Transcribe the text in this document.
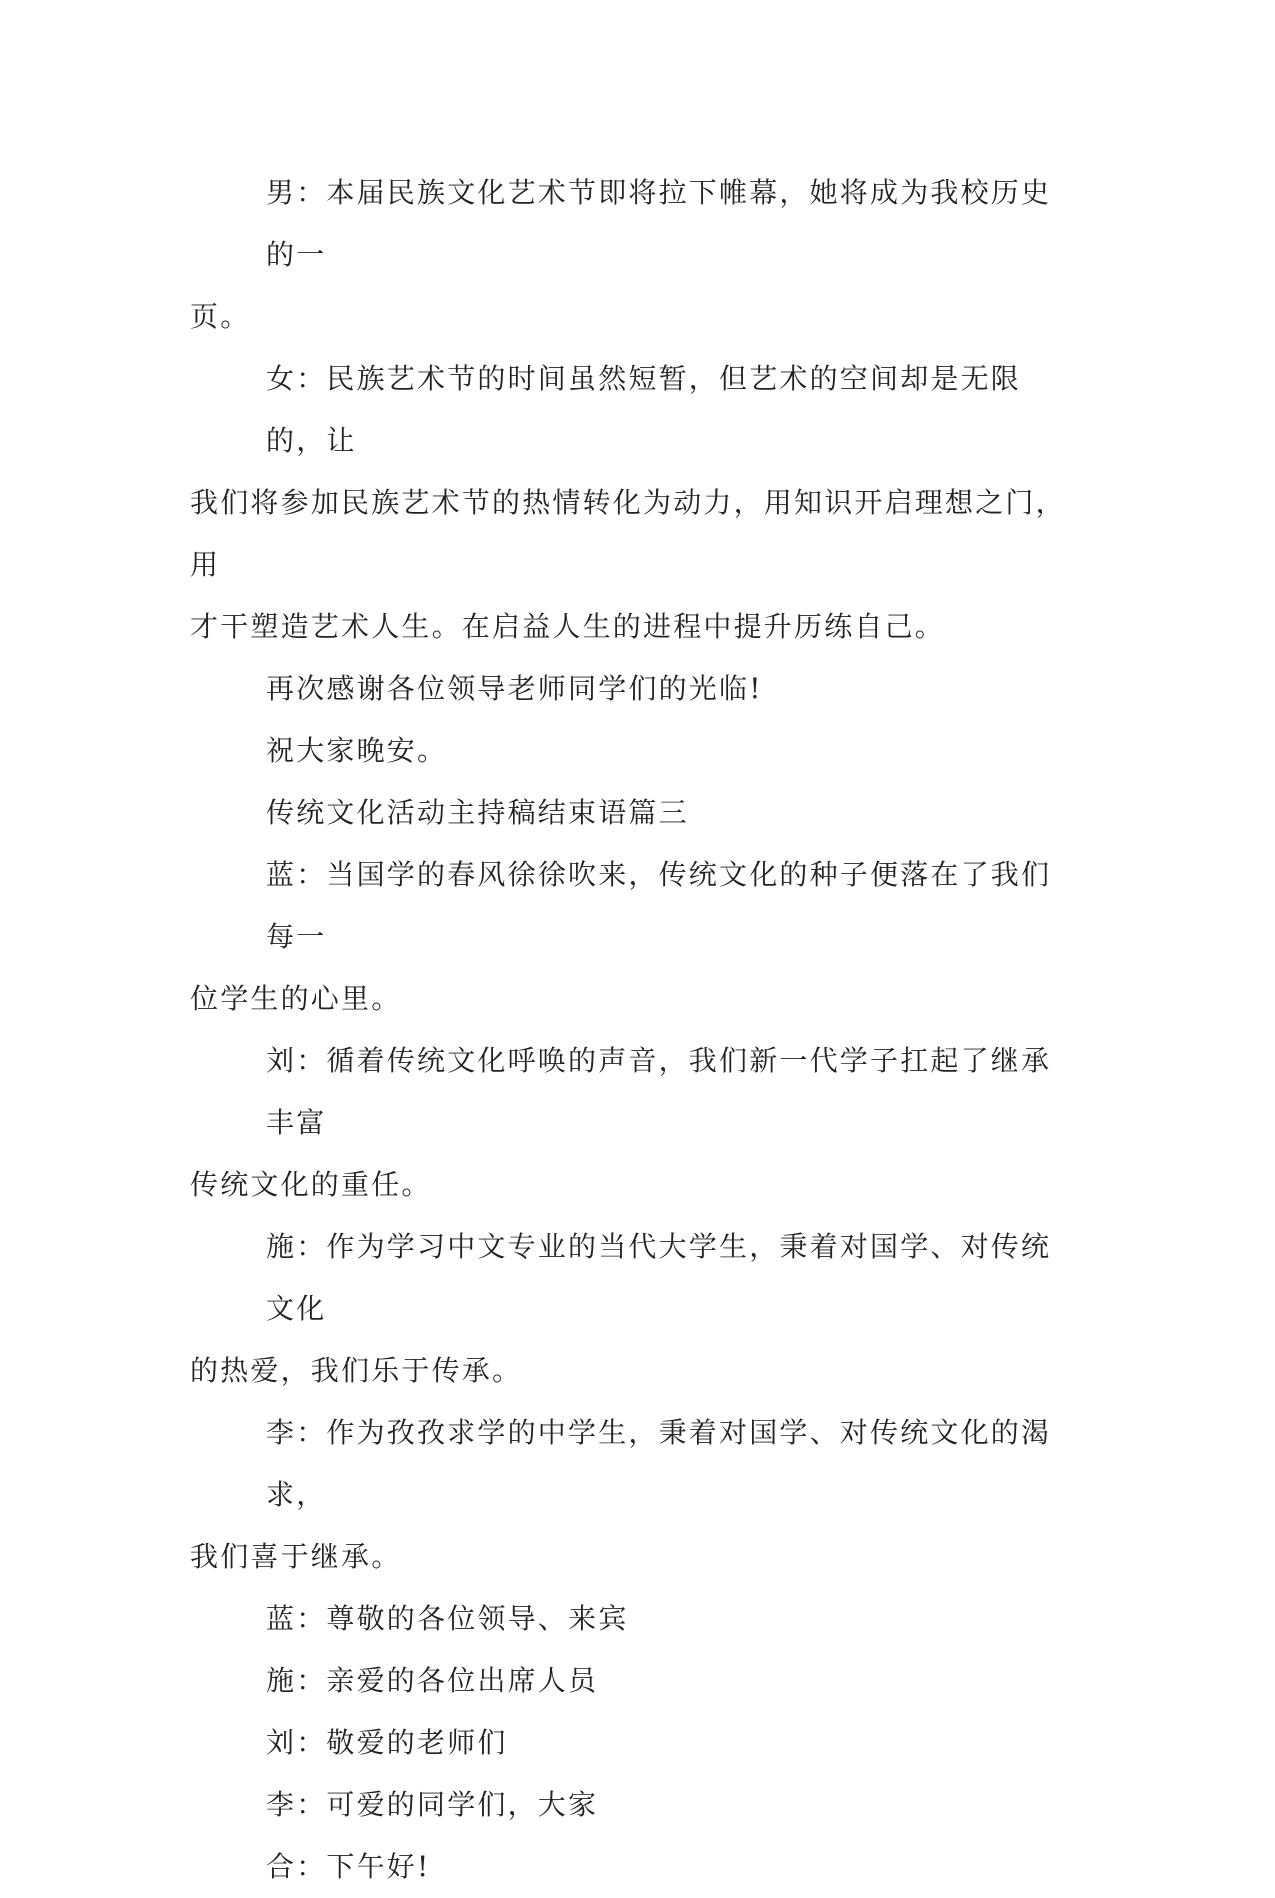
男：本届民族文化艺术节即将拉下帷幕，她将成为我校历史的一
页。

女：民族艺术节的时间虽然短暂，但艺术的空间却是无限的，让
我们将参加民族艺术节的热情转化为动力，用知识开启理想之门，用
才干塑造艺术人生。在启益人生的进程中提升历练自己。

再次感谢各位领导老师同学们的光临!

祝大家晚安。

传统文化活动主持稿结束语篇三

蓝：当国学的春风徐徐吹来，传统文化的种子便落在了我们每一
位学生的心里。

刘：循着传统文化呼唤的声音，我们新一代学子扛起了继承丰富
传统文化的重任。

施：作为学习中文专业的当代大学生，秉着对国学、对传统文化
的热爱，我们乐于传承。

李：作为孜孜求学的中学生，秉着对国学、对传统文化的渴求，
我们喜于继承。

蓝：尊敬的各位领导、来宾

施：亲爱的各位出席人员

刘：敬爱的老师们

李：可爱的同学们，大家

合：下午好!
